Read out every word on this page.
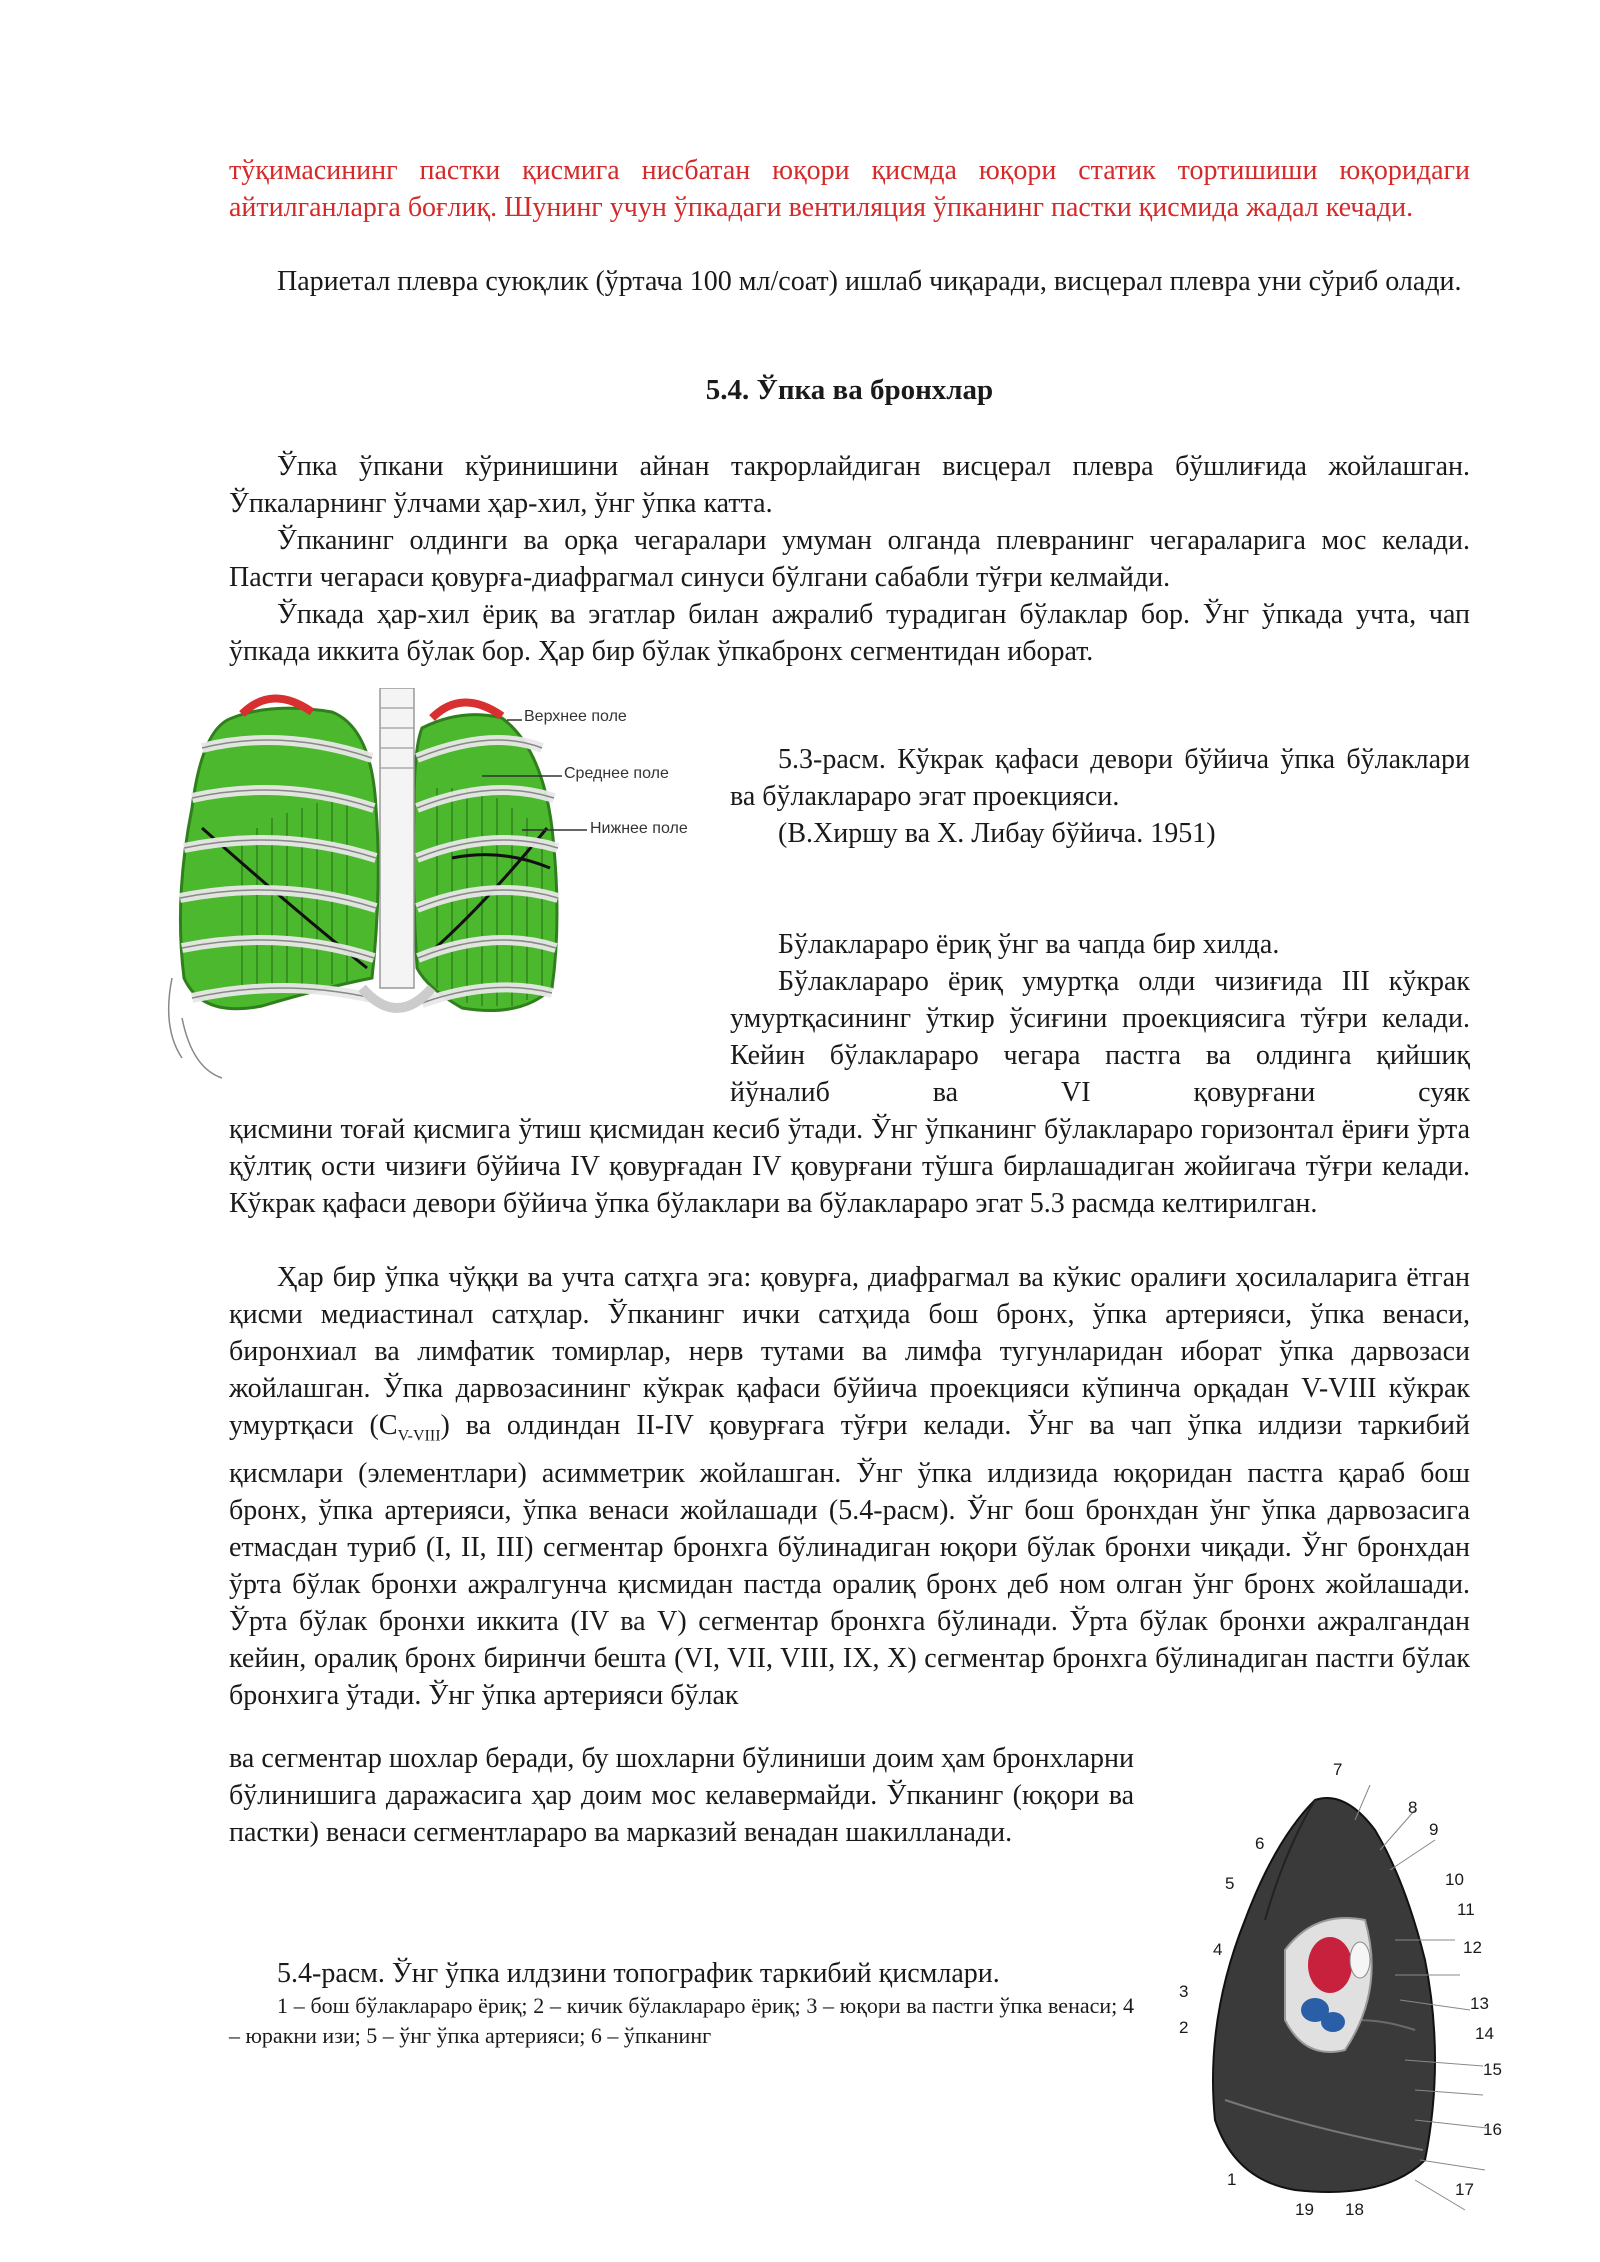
тўқимасининг пастки қисмига нисбатан юқори қисмда юқори статик тортишиши юқоридаги айтилганларга боғлиқ. Шунинг учун ўпкадаги вентиляция ўпканинг пастки қисмида жадал кечади.

Париетал плевра суюқлик (ўртача 100 мл/соат) ишлаб чиқаради, висцерал плевра уни сўриб олади.

5.4. Ўпка ва бронхлар

Ўпка ўпкани кўринишини айнан такрорлайдиган висцерал плевра бўшлиғида жойлашган. Ўпкаларнинг ўлчами ҳар-хил, ўнг ўпка катта.

Ўпканинг олдинги ва орқа чегаралари умуман олганда плевранинг чегараларига мос келади. Пастги чегараси қовурға-диафрагмал синуси бўлгани сабабли тўғри келмайди.

Ўпкада ҳар-хил ёриқ ва эгатлар билан ажралиб турадиган бўлаклар бор. Ўнг ўпкада учта, чап ўпкада иккита бўлак бор. Ҳар бир бўлак ўпкабронх сегментидан иборат.

Верхнее поле
Среднее поле
Нижнее поле

5.3-расм. Кўкрак қафаси девори бўйича ўпка бўлаклари ва бўлаклараро эгат проекцияси.

(В.Хиршу ва Х. Либау бўйича. 1951)

Бўлаклараро ёриқ ўнг ва чапда бир хилда.

Бўлаклараро ёриқ умуртқа олди чизиғида III кўкрак умуртқасининг ўткир ўсиғини проекциясига тўғри келади. Кейин бўлаклараро чегара пастга ва олдинга қийшиқ йўналиб ва VI қовурғани суяк

қисмини тоғай қисмига ўтиш қисмидан кесиб ўтади. Ўнг ўпканинг бўлаклараро горизонтал ёриғи ўрта қўлтиқ ости чизиғи бўйича IV қовурғадан IV қовурғани тўшга бирлашадиган жойигача тўғри келади. Кўкрак қафаси девори бўйича ўпка бўлаклари ва бўлаклараро эгат 5.3 расмда келтирилган.

Ҳар бир ўпка чўққи ва учта сатҳга эга: қовурға, диафрагмал ва кўкис оралиғи ҳосилаларига ётган қисми медиастинал сатҳлар. Ўпканинг ички сатҳида бош бронх, ўпка артерияси, ўпка венаси, биронхиал ва лимфатик томирлар, нерв тутами ва лимфа тугунларидан иборат ўпка дарвозаси жойлашган. Ўпка дарвозасининг кўкрак қафаси бўйича проекцияси кўпинча орқадан V-VIII кўкрак умуртқаси $(C_{V-VIII})$ ва олдиндан II-IV қовурғага тўғри келади. Ўнг ва чап ўпка илдизи таркибий қисмлари (элементлари) асимметрик жойлашган. Ўнг ўпка илдизида юқоридан пастга қараб бош бронх, ўпка артерияси, ўпка венаси жойлашади (5.4-расм). Ўнг бош бронхдан ўнг ўпка дарвозасига етмасдан туриб (I, II, III) сегментар бронхга бўлинадиган юқори бўлак бронхи чиқади. Ўнг бронхдан ўрта бўлак бронхи ажралгунча қисмидан пастда оралиқ бронх деб ном олган ўнг бронх жойлашади. Ўрта бўлак бронхи иккита (IV ва V) сегментар бронхга бўлинади. Ўрта бўлак бронхи ажралгандан кейин, оралиқ бронх биринчи бешта (VI, VII, VIII, IX, X) сегментар бронхга бўлинадиган пастги бўлак бронхига ўтади. Ўнг ўпка артерияси бўлак

ва сегментар шохлар беради, бу шохларни бўлиниши доим ҳам бронхларни бўлинишига даражасига ҳар доим мос келавермайди. Ўпканинг (юқори ва пастки) венаси сегментлараро ва марказий венадан шакилланади.

5.4-расм. Ўнг ўпка илдзини топографик таркибий қисмлари.

1 – бош бўлаклараро ёриқ; 2 – кичик бўлаклараро ёриқ; 3 – юқори ва пастги ўпка венаси; 4 – юракни изи; 5 – ўнг ўпка артерияси; 6 – ўпканинг

7
8
9
6
10
5
11
12
4
3
13
2	14
15
16
1
17
19 18
